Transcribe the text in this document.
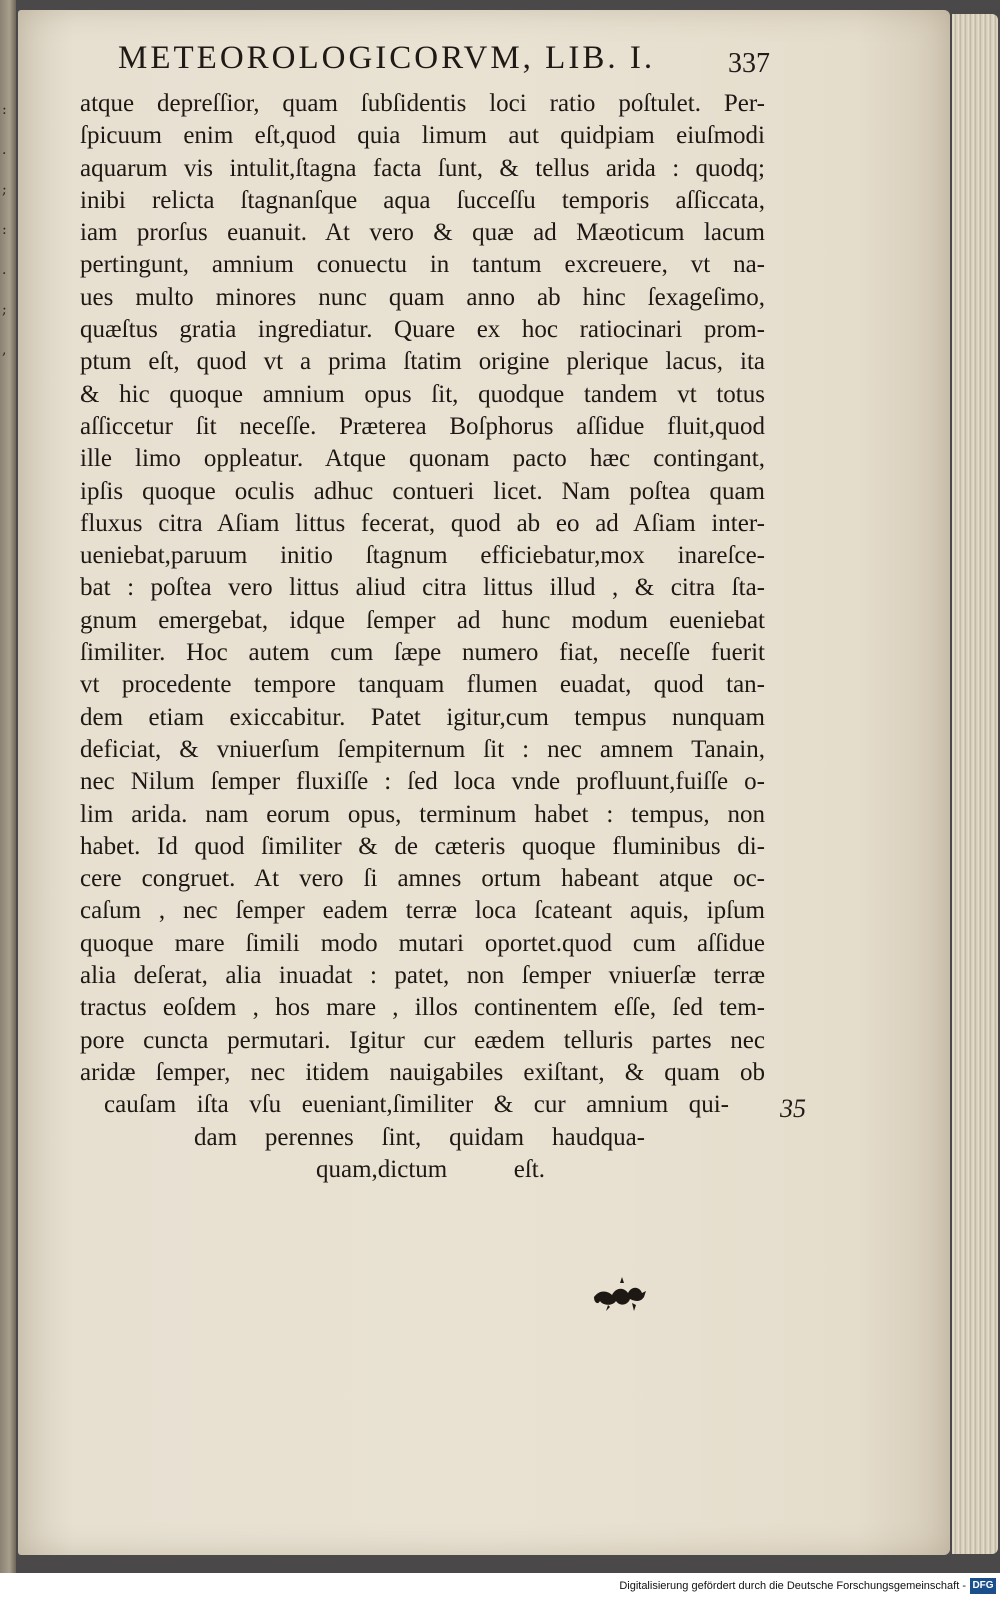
:
.
;
:
.
;
,
METEOROLOGICORVM, LIB. I.	337
atque depreſſior, quam ſubſidentis loci ratio poſtulet. Per-
ſpicuum enim eſt,quod quia limum aut quidpiam eiuſmodi
aquarum vis intulit,ſtagna facta ſunt, & tellus arida : quodq;
inibi relicta ſtagnanſque aqua ſucceſſu temporis aſſiccata,
iam prorſus euanuit. At vero & quæ ad Mæoticum lacum
pertingunt, amnium conuectu in tantum excreuere, vt na-
ues multo minores nunc quam anno ab hinc ſexageſimo,
quæſtus gratia ingrediatur. Quare ex hoc ratiocinari prom-
ptum eſt, quod vt a prima ſtatim origine plerique lacus, ita
& hic quoque amnium opus ſit, quodque tandem vt totus
aſſiccetur ſit neceſſe. Præterea Boſphorus aſſidue fluit,quod
ille limo oppleatur. Atque quonam pacto hæc contingant,
ipſis quoque oculis adhuc contueri licet. Nam poſtea quam
fluxus citra Aſiam littus fecerat, quod ab eo ad Aſiam inter-
ueniebat,paruum initio ſtagnum efficiebatur,mox inareſce-
bat : poſtea vero littus aliud citra littus illud , & citra ſta-
gnum emergebat, idque ſemper ad hunc modum eueniebat
ſimiliter. Hoc autem cum ſæpe numero fiat, neceſſe fuerit
vt procedente tempore tanquam flumen euadat, quod tan-
dem etiam exiccabitur. Patet igitur,cum tempus nunquam
deficiat, & vniuerſum ſempiternum ſit : nec amnem Tanain,
nec Nilum ſemper fluxiſſe : ſed loca vnde profluunt,fuiſſe o-
lim arida. nam eorum opus, terminum habet : tempus, non
habet. Id quod ſimiliter & de cæteris quoque fluminibus di-
cere congruet. At vero ſi amnes ortum habeant atque oc-
caſum , nec ſemper eadem terræ loca ſcateant aquis, ipſum
quoque mare ſimili modo mutari oportet.quod cum aſſidue
alia deſerat, alia inuadat : patet, non ſemper vniuerſæ terræ
tractus eoſdem , hos mare , illos continentem eſſe, ſed tem-
pore cuncta permutari. Igitur cur eædem telluris partes nec
aridæ ſemper, nec itidem nauigabiles exiſtant, & quam ob
cauſam iſta vſu eueniant,ſimiliter & cur amnium qui-
dam perennes ſint, quidam haudqua-
quam,dictum eſt.
35
Digitalisierung gefördert durch die Deutsche Forschungsgemeinschaft - DFG
